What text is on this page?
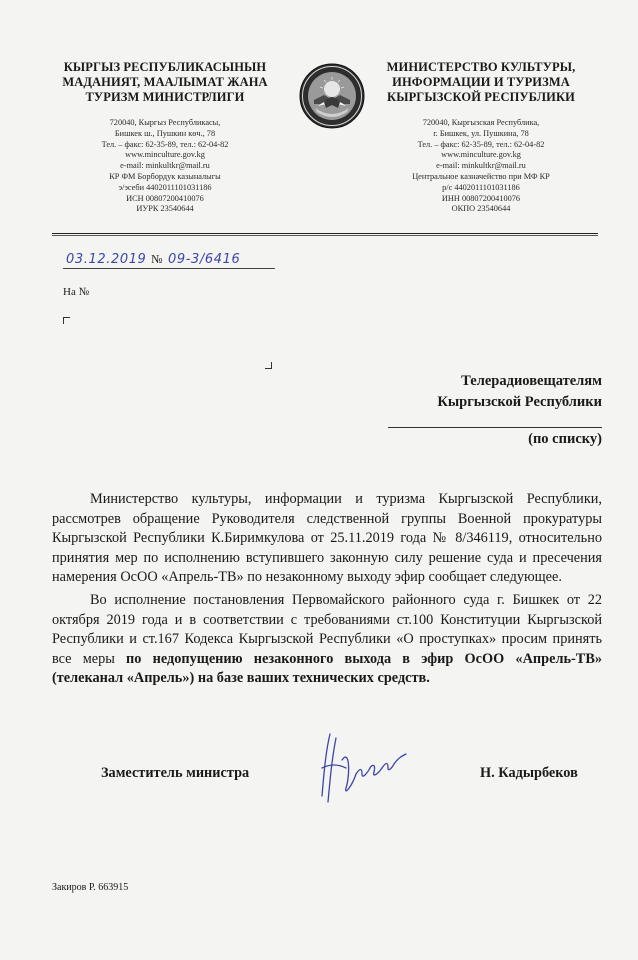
КЫРГЫЗ РЕСПУБЛИКАСЫНЫН
МАДАНИЯТ, МААЛЫМАТ ЖАНА
ТУРИЗМ МИНИСТРЛИГИ
720040, Кыргыз Республикасы,
Бишкек ш., Пушкин көч., 78
Тел. – факс: 62-35-89, тел.: 62-04-82
www.minculture.gov.kg
e-mail: minkultkr@mail.ru
КР ФМ Борбордук казыналыгы
э/эсеби 4402011101031186
ИСН 00807200410076
ИУРК 23540644
МИНИСТЕРСТВО КУЛЬТУРЫ,
ИНФОРМАЦИИ И ТУРИЗМА
КЫРГЫЗСКОЙ РЕСПУБЛИКИ
720040, Кыргызская Республика,
г. Бишкек, ул. Пушкина, 78
Тел. – факс: 62-35-89, тел.: 62-04-82
www.minculture.gov.kg
e-mail: minkultkr@mail.ru
Центральное казначейство при МФ КР
р/с 4402011101031186
ИНН 00807200410076
ОКПО 23540644
03.12.2019 № 09-3/6416
На №
Телерадиовещателям
Кыргызской Республики
(по списку)

Министерство культуры, информации и туризма Кыргызской Республики, рассмотрев обращение Руководителя следственной группы Военной прокуратуры Кыргызской Республики К.Биримкулова от 25.11.2019 года № 8/346119, относительно принятия мер по исполнению вступившего законную силу решение суда и пресечения намерения ОсОО «Апрель-ТВ» по незаконному выходу эфир сообщает следующее.

Во исполнение постановления Первомайского районного суда г. Бишкек от 22 октября 2019 года и в соответствии с требованиями ст.100 Конституции Кыргызской Республики и ст.167 Кодекса Кыргызской Республики «О проступках» просим принять все меры по недопущению незаконного выхода в эфир ОсОО «Апрель-ТВ» (телеканал «Апрель») на базе ваших технических средств.

Заместитель министра	Н. Кадырбеков
Закиров Р. 663915
